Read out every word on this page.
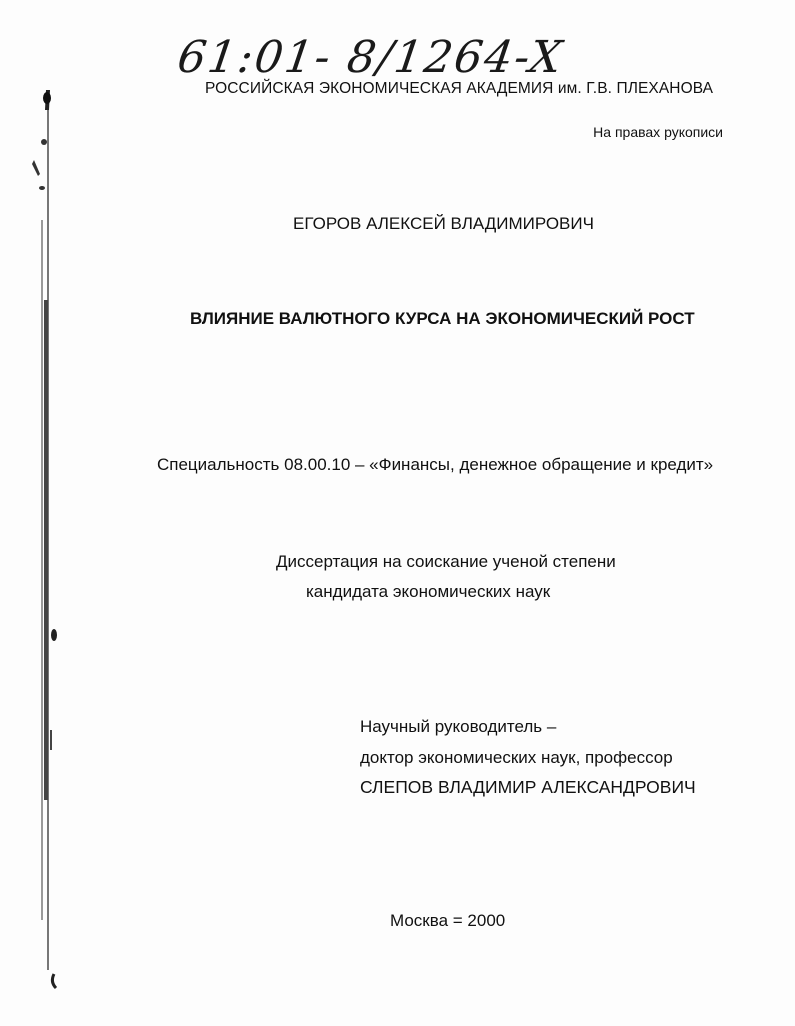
61:01- 8/1264-X
РОССИЙСКАЯ ЭКОНОМИЧЕСКАЯ АКАДЕМИЯ им. Г.В. ПЛЕХАНОВА
На правах рукописи
ЕГОРОВ АЛЕКСЕЙ ВЛАДИМИРОВИЧ
ВЛИЯНИЕ ВАЛЮТНОГО КУРСА НА ЭКОНОМИЧЕСКИЙ РОСТ
Специальность 08.00.10 – «Финансы, денежное обращение и кредит»
Диссертация на соискание ученой степени
кандидата экономических наук
Научный руководитель –
доктор экономических наук, профессор
СЛЕПОВ ВЛАДИМИР АЛЕКСАНДРОВИЧ
Москва = 2000
